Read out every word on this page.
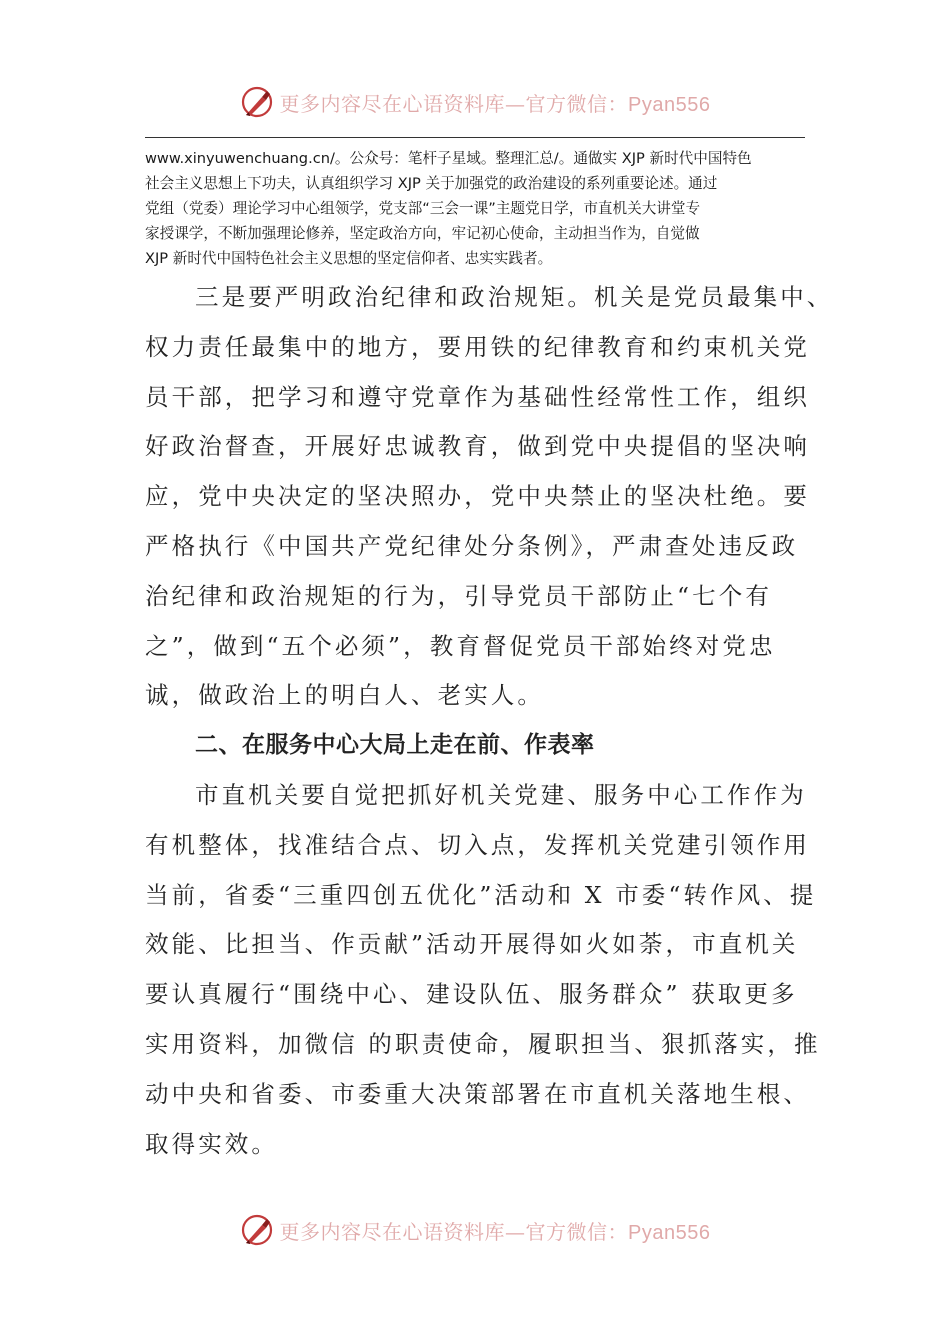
更多内容尽在心语资料库—官方微信：Pyan556
www.xinyuwenchuang.cn/。公众号：笔杆子星域。整理汇总/。通做实 XJP 新时代中国特色
社会主义思想上下功夫，认真组织学习 XJP 关于加强党的政治建设的系列重要论述。通过
党组（党委）理论学习中心组领学，党支部“三会一课”主题党日学，市直机关大讲堂专
家授课学，不断加强理论修养，坚定政治方向，牢记初心使命，主动担当作为，自觉做
XJP 新时代中国特色社会主义思想的坚定信仰者、忠实实践者。
三是要严明政治纪律和政治规矩。机关是党员最集中、
权力责任最集中的地方，要用铁的纪律教育和约束机关党
员干部，把学习和遵守党章作为基础性经常性工作，组织
好政治督查，开展好忠诚教育，做到党中央提倡的坚决响
应，党中央决定的坚决照办，党中央禁止的坚决杜绝。要
严格执行《中国共产党纪律处分条例》，严肃查处违反政
治纪律和政治规矩的行为，引导党员干部防止“七个有
之”，做到“五个必须”，教育督促党员干部始终对党忠
诚，做政治上的明白人、老实人。
二、在服务中心大局上走在前、作表率
市直机关要自觉把抓好机关党建、服务中心工作作为
有机整体，找准结合点、切入点，发挥机关党建引领作用
当前，省委“三重四创五优化”活动和 X 市委“转作风、提
效能、比担当、作贡献”活动开展得如火如荼，市直机关
要认真履行“围绕中心、建设队伍、服务群众” 获取更多
实用资料，加微信 的职责使命，履职担当、狠抓落实，推
动中央和省委、市委重大决策部署在市直机关落地生根、
取得实效。
更多内容尽在心语资料库—官方微信：Pyan556
